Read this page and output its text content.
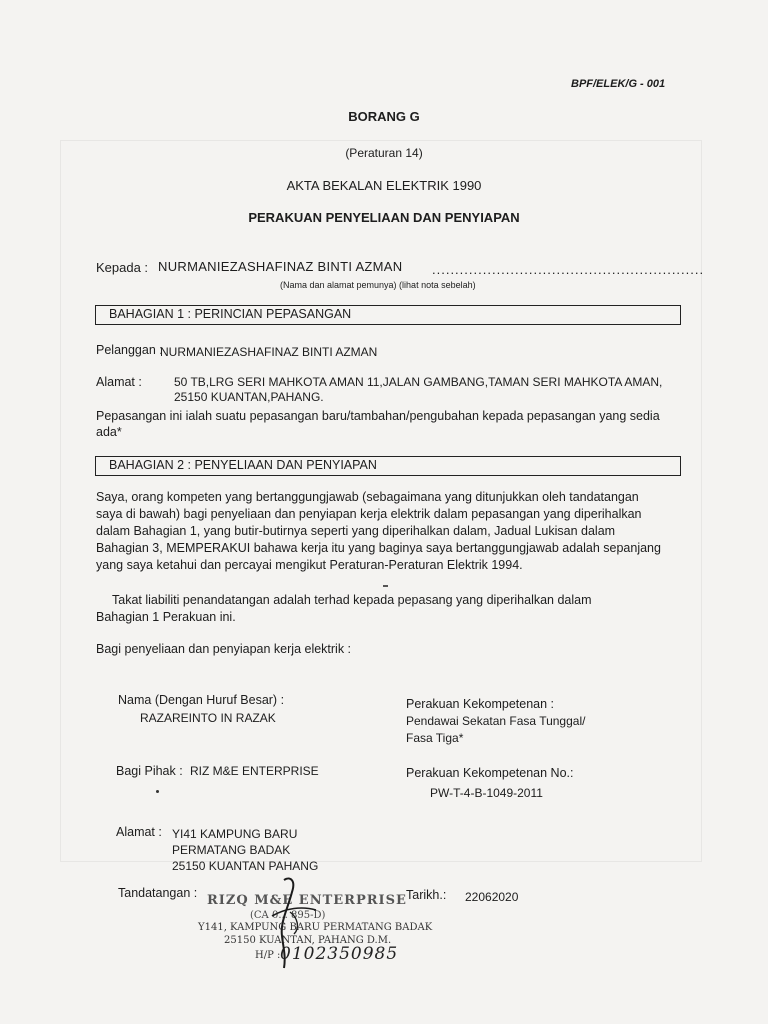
BPF/ELEK/G - 001
BORANG G
(Peraturan 14)
AKTA BEKALAN ELEKTRIK 1990
PERAKUAN PENYELIAAN DAN PENYIAPAN
Kepada : NURMANIEZASHAFINAZ BINTI AZMAN ...........................................................
(Nama dan alamat pemunya) (lihat nota sebelah)
BAHAGIAN 1 : PERINCIAN PEPASANGAN
Pelanggan :
NURMANIEZASHAFINAZ BINTI AZMAN
Alamat :	50 TB,LRG SERI MAHKOTA AMAN 11,JALAN GAMBANG,TAMAN SERI MAHKOTA AMAN,
25150 KUANTAN,PAHANG.
Pepasangan ini ialah suatu pepasangan baru/tambahan/pengubahan kepada pepasangan yang sedia
ada*
BAHAGIAN 2 : PENYELIAAN DAN PENYIAPAN
Saya, orang kompeten yang bertanggungjawab (sebagaimana yang ditunjukkan oleh tandatangan
saya di bawah) bagi penyeliaan dan penyiapan kerja elektrik dalam pepasangan yang diperihalkan
dalam Bahagian 1, yang butir-butirnya seperti yang diperihalkan dalam, Jadual Lukisan dalam
Bahagian 3, MEMPERAKUI bahawa kerja itu yang baginya saya bertanggungjawab adalah sepanjang
yang saya ketahui dan percayai mengikut Peraturan-Peraturan Elektrik 1994.
Takat liabiliti penandatangan adalah terhad kepada pepasang yang diperihalkan dalam
Bahagian 1 Perakuan ini.
Bagi penyeliaan dan penyiapan kerja elektrik :
Nama (Dengan Huruf Besar) :
RAZAREINTO IN RAZAK
Perakuan Kekompetenan :
Pendawai Sekatan Fasa Tunggal/
Fasa Tiga*
Bagi Pihak : RIZ M&E ENTERPRISE	Perakuan Kekompetenan No.:
PW-T-4-B-1049-2011
Alamat : YI41 KAMPUNG BARU
PERMATANG BADAK
25150 KUANTAN PAHANG
Tandatangan :	Tarikh.: 22062020
RIZQ M&E ENTERPRISE
(CA 0... 895-D)
Y141, KAMPUNG BARU PERMATANG BADAK
25150 KUANTAN, PAHANG D.M.
H/P : 0102350985
